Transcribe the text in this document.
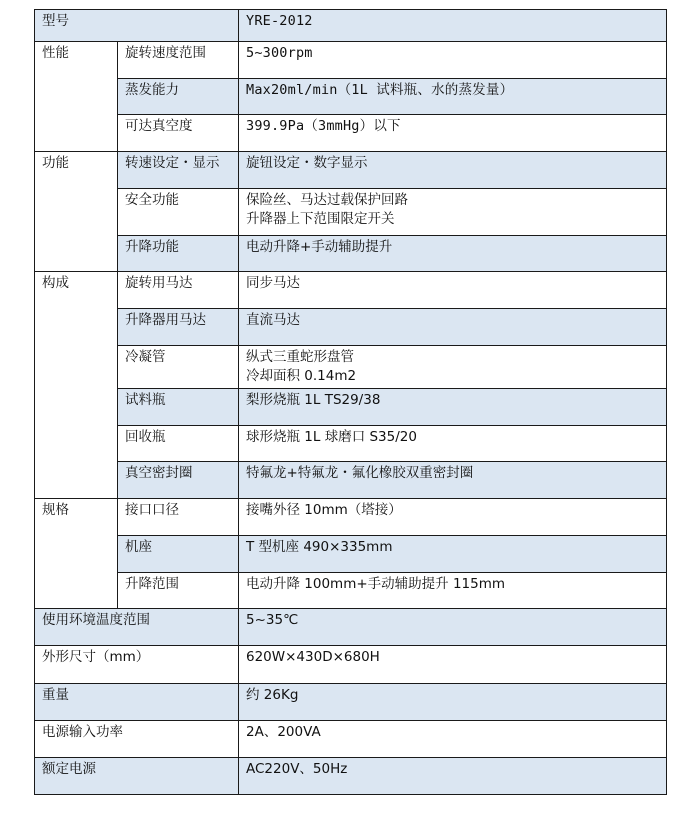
型号		YRE-2012
性能	旋转速度范围	5~300rpm
	蒸发能力	Max20ml/min（1L 试料瓶、水的蒸发量）
	可达真空度	399.9Pa（3mmHg）以下
功能	转速设定・显示	旋钮设定・数字显示
	安全功能	保险丝、马达过载保护回路
升降器上下范围限定开关
	升降功能	电动升降+手动辅助提升
构成	旋转用马达	同步马达
	升降器用马达	直流马达
	冷凝管	纵式三重蛇形盘管
冷却面积 0.14m2
	试料瓶	梨形烧瓶 1L TS29/38
	回收瓶	球形烧瓶 1L 球磨口 S35/20
	真空密封圈	特氟龙+特氟龙・氟化橡胶双重密封圈
规格	接口口径	接嘴外径 10mm（塔接）
	机座	T 型机座 490×335mm
	升降范围	电动升降 100mm+手动辅助提升 115mm
使用环境温度范围		5~35℃
外形尺寸（mm）		620W×430D×680H
重量		约 26Kg
电源输入功率		2A、200VA
额定电源		AC220V、50Hz
